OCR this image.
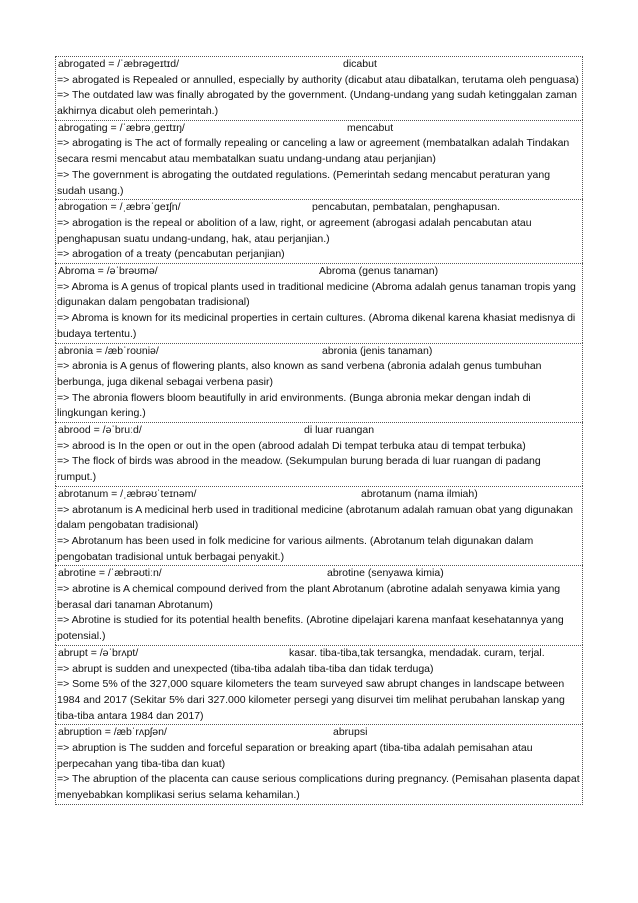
abrogated = /ˈæbrəgeɪtɪd/	dicabut
=> abrogated is Repealed or annulled, especially by authority (dicabut atau dibatalkan, terutama oleh penguasa)
=> The outdated law was finally abrogated by the government. (Undang-undang yang sudah ketinggalan zaman akhirnya dicabut oleh pemerintah.)
abrogating = /ˈæbrəˌgeɪtɪŋ/	mencabut
=> abrogating is The act of formally repealing or canceling a law or agreement (membatalkan adalah Tindakan secara resmi mencabut atau membatalkan suatu undang-undang atau perjanjian)
=> The government is abrogating the outdated regulations. (Pemerintah sedang mencabut peraturan yang sudah usang.)
abrogation = /ˌæbrəˈgeɪʃn/	pencabutan, pembatalan, penghapusan.
=> abrogation is the repeal or abolition of a law, right, or agreement (abrogasi adalah pencabutan atau penghapusan suatu undang-undang, hak, atau perjanjian.)
=> abrogation of a treaty (pencabutan perjanjian)
Abroma = /əˈbrəʊmə/	Abroma (genus tanaman)
=> Abroma is A genus of tropical plants used in traditional medicine (Abroma adalah genus tanaman tropis yang digunakan dalam pengobatan tradisional)
=> Abroma is known for its medicinal properties in certain cultures. (Abroma dikenal karena khasiat medisnya di budaya tertentu.)
abronia = /æbˈroʊniə/	abronia (jenis tanaman)
=> abronia is A genus of flowering plants, also known as sand verbena (abronia adalah genus tumbuhan berbunga, juga dikenal sebagai verbena pasir)
=> The abronia flowers bloom beautifully in arid environments. (Bunga abronia mekar dengan indah di lingkungan kering.)
abrood = /əˈbruːd/	di luar ruangan
=> abrood is In the open or out in the open (abrood adalah Di tempat terbuka atau di tempat terbuka)
=> The flock of birds was abrood in the meadow. (Sekumpulan burung berada di luar ruangan di padang rumput.)
abrotanum = /ˌæbrəʊˈteɪnəm/	abrotanum (nama ilmiah)
=> abrotanum is A medicinal herb used in traditional medicine (abrotanum adalah ramuan obat yang digunakan dalam pengobatan tradisional)
=> Abrotanum has been used in folk medicine for various ailments. (Abrotanum telah digunakan dalam pengobatan tradisional untuk berbagai penyakit.)
abrotine = /ˈæbrəʊtiːn/	abrotine (senyawa kimia)
=> abrotine is A chemical compound derived from the plant Abrotanum (abrotine adalah senyawa kimia yang berasal dari tanaman Abrotanum)
=> Abrotine is studied for its potential health benefits. (Abrotine dipelajari karena manfaat kesehatannya yang potensial.)
abrupt = /əˈbrʌpt/	kasar. tiba-tiba,tak tersangka, mendadak. curam, terjal.
=> abrupt is sudden and unexpected (tiba-tiba adalah tiba-tiba dan tidak terduga)
=> Some 5% of the 327,000 square kilometers the team surveyed saw abrupt changes in landscape between 1984 and 2017 (Sekitar 5% dari 327.000 kilometer persegi yang disurvei tim melihat perubahan lanskap yang tiba-tiba antara 1984 dan 2017)
abruption = /æbˈrʌpʃən/	abrupsi
=> abruption is The sudden and forceful separation or breaking apart (tiba-tiba adalah pemisahan atau perpecahan yang tiba-tiba dan kuat)
=> The abruption of the placenta can cause serious complications during pregnancy. (Pemisahan plasenta dapat menyebabkan komplikasi serius selama kehamilan.)
